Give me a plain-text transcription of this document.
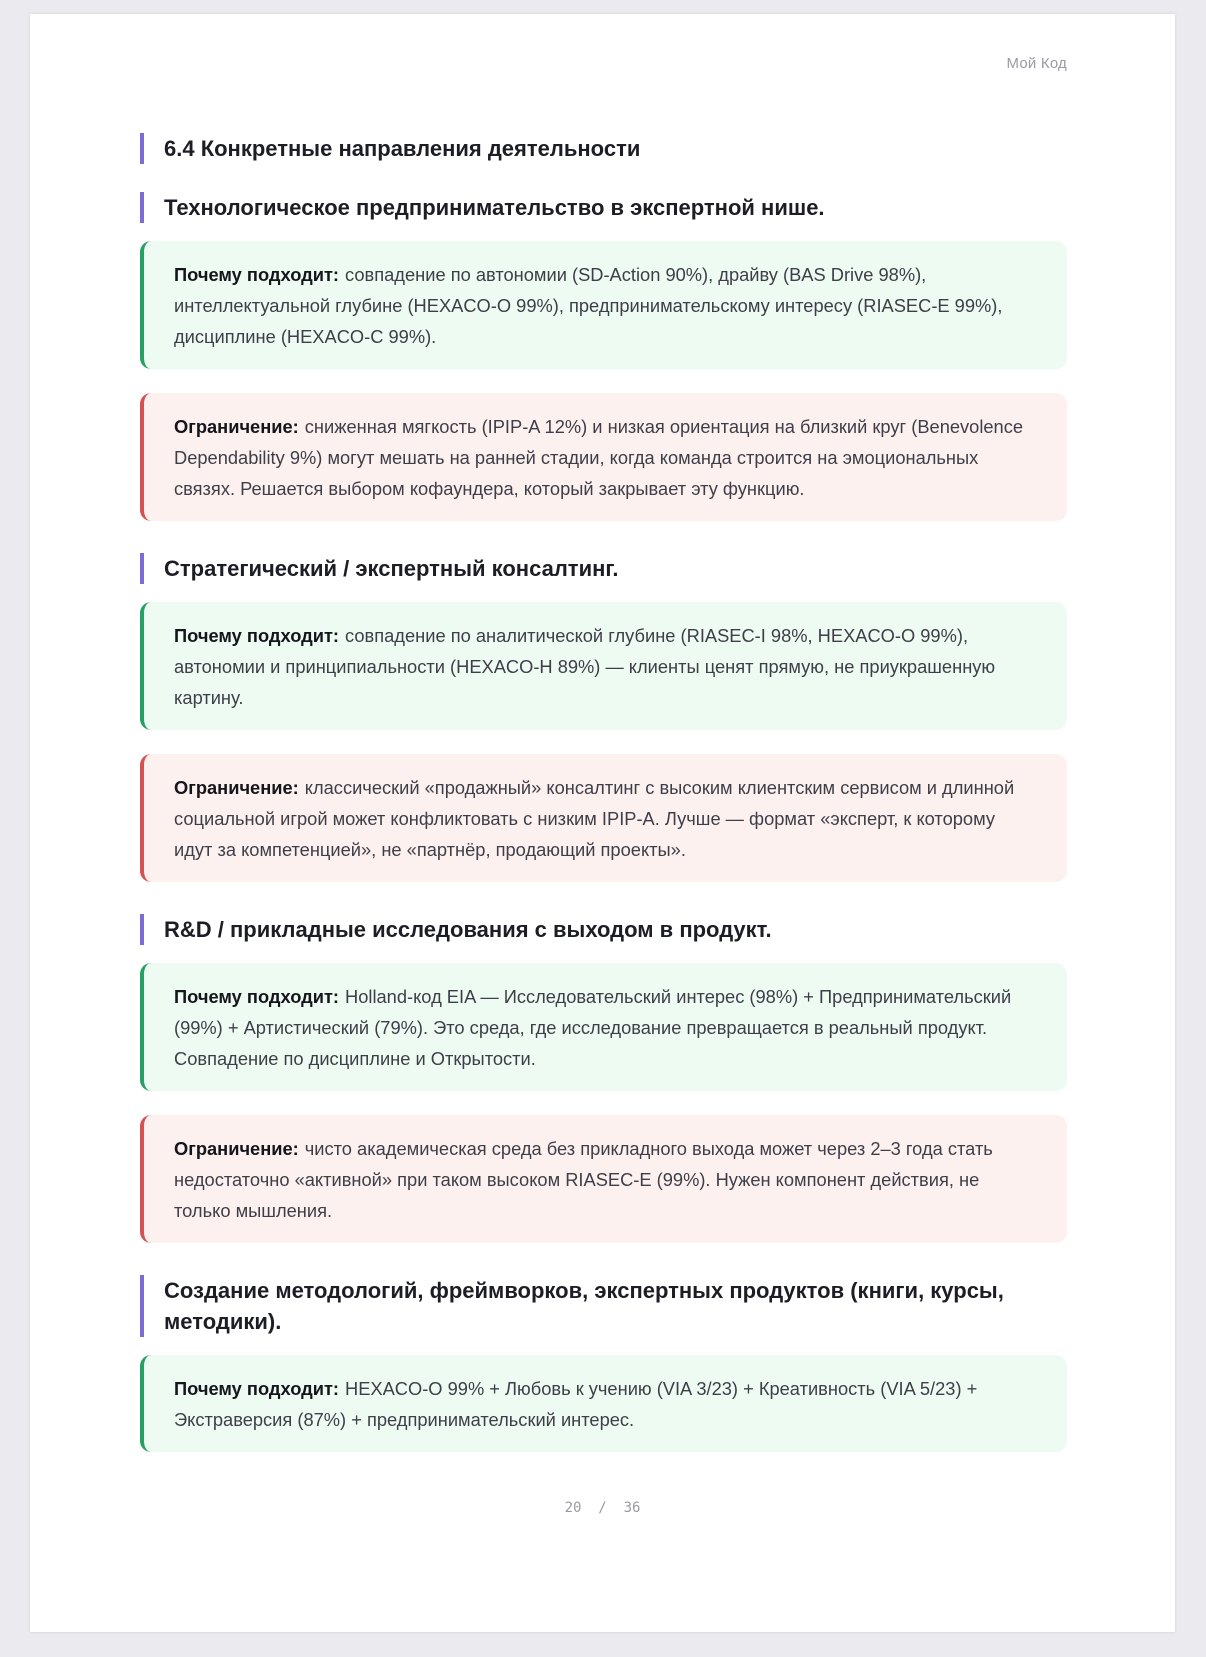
Мой Код
6.4 Конкретные направления деятельности
Технологическое предпринимательство в экспертной нише.
Почему подходит: совпадение по автономии (SD-Action 90%), драйву (BAS Drive 98%), интеллектуальной глубине (HEXACO-O 99%), предпринимательскому интересу (RIASEC-E 99%), дисциплине (HEXACO-C 99%).
Ограничение: сниженная мягкость (IPIP-A 12%) и низкая ориентация на близкий круг (Benevolence Dependability 9%) могут мешать на ранней стадии, когда команда строится на эмоциональных связях. Решается выбором кофаундера, который закрывает эту функцию.
Стратегический / экспертный консалтинг.
Почему подходит: совпадение по аналитической глубине (RIASEC-I 98%, HEXACO-O 99%), автономии и принципиальности (HEXACO-H 89%) — клиенты ценят прямую, не приукрашенную картину.
Ограничение: классический «продажный» консалтинг с высоким клиентским сервисом и длинной социальной игрой может конфликтовать с низким IPIP-A. Лучше — формат «эксперт, к которому идут за компетенцией», не «партнёр, продающий проекты».
R&D / прикладные исследования с выходом в продукт.
Почему подходит: Holland-код EIA — Исследовательский интерес (98%) + Предпринимательский (99%) + Артистический (79%). Это среда, где исследование превращается в реальный продукт. Совпадение по дисциплине и Открытости.
Ограничение: чисто академическая среда без прикладного выхода может через 2–3 года стать недостаточно «активной» при таком высоком RIASEC-E (99%). Нужен компонент действия, не только мышления.
Создание методологий, фреймворков, экспертных продуктов (книги, курсы, методики).
Почему подходит: HEXACO-O 99% + Любовь к учению (VIA 3/23) + Креативность (VIA 5/23) + Экстраверсия (87%) + предпринимательский интерес.
20 / 36
